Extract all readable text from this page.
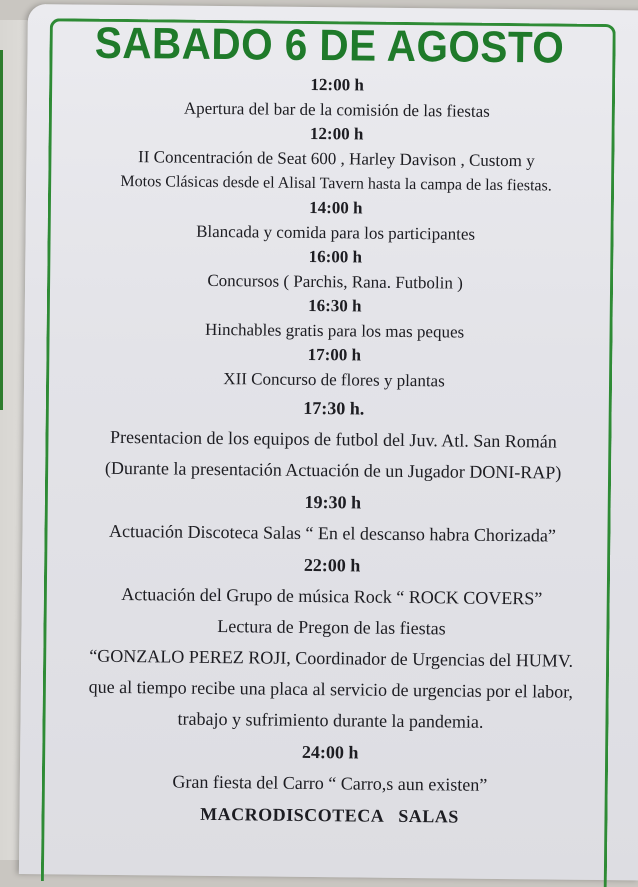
SABADO 6 DE AGOSTO
12:00 h
Apertura del bar de la comisión de las fiestas
12:00 h
II Concentración de Seat 600 , Harley Davison , Custom y
Motos Clásicas desde el Alisal Tavern hasta la campa de las fiestas.
14:00 h
Blancada y comida para los participantes
16:00 h
Concursos ( Parchis, Rana. Futbolin )
16:30 h
Hinchables gratis para los mas peques
17:00 h
XII Concurso de flores y plantas
17:30 h.
Presentacion de los equipos de futbol del Juv. Atl. San Román
(Durante la presentación Actuación de un Jugador DONI-RAP)
19:30 h
Actuación Discoteca Salas “ En el descanso habra Chorizada”
22:00 h
Actuación del Grupo de música Rock “ ROCK COVERS”
Lectura de Pregon de las fiestas
“GONZALO PEREZ ROJI, Coordinador de Urgencias del HUMV.
que al tiempo recibe una placa al servicio de urgencias por el labor,
trabajo y sufrimiento durante la pandemia.
24:00 h
Gran fiesta del Carro “ Carro,s aun existen”
MACRODISCOTECA   SALAS
